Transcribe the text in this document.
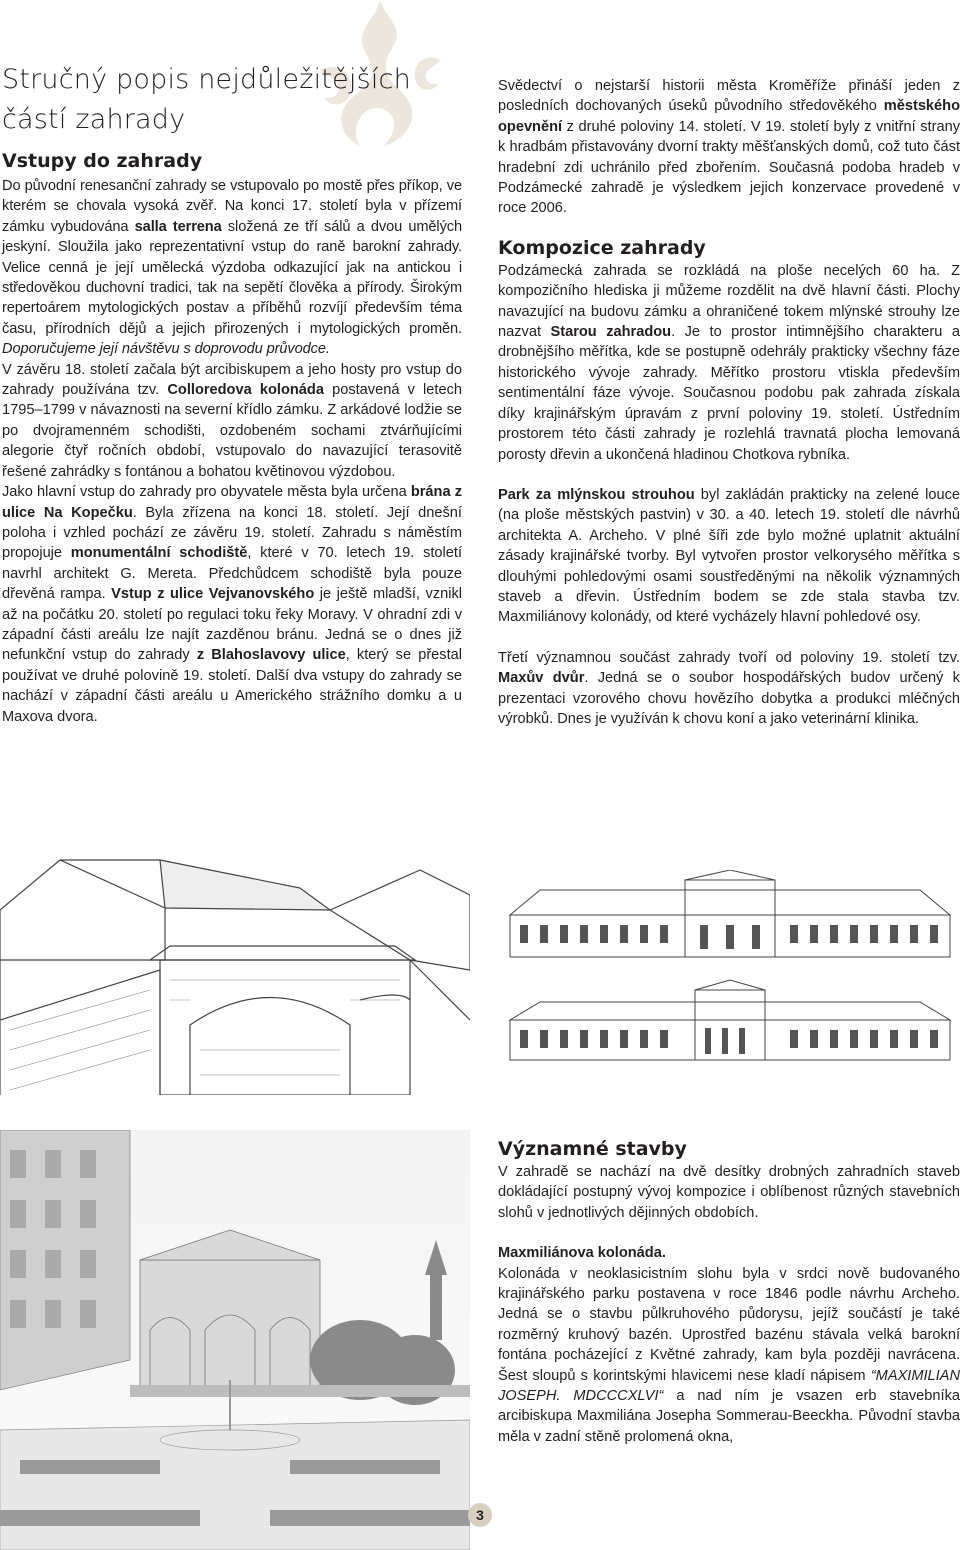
Stručný popis nejdůležitějších částí zahrady
Vstupy do zahrady

Do původní renesanční zahrady se vstupovalo po mostě přes příkop, ve kterém se chovala vysoká zvěř. Na konci 17. století byla v přízemí zámku vybudována salla terrena složená ze tří sálů a dvou umělých jeskyní. Sloužila jako reprezentativní vstup do raně barokní zahrady. Velice cenná je její umělecká výzdoba odkazující jak na antickou i středověkou duchovní tradici, tak na sepětí člověka a přírody. Širokým repertoárem mytologických postav a příběhů rozvíjí především téma času, přírodních dějů a jejich přirozených i mytologických proměn. Doporučujeme její návštěvu s doprovodu průvodce.

V závěru 18. století začala být arcibiskupem a jeho hosty pro vstup do zahrady používána tzv. Colloredova kolonáda postavená v letech 1795–1799 v návaznosti na severní křídlo zámku. Z arkádové lodžie se po dvojramenném schodišti, ozdobeném sochami ztvárňujícími alegorie čtyř ročních období, vstupovalo do navazující terasovitě řešené zahrádky s fontánou a bohatou květinovou výzdobou.

Jako hlavní vstup do zahrady pro obyvatele města byla určena brána z ulice Na Kopečku. Byla zřízena na konci 18. století. Její dnešní poloha i vzhled pochází ze závěru 19. století. Zahradu s náměstím propojuje monumentální schodiště, které v 70. letech 19. století navrhl architekt G. Mereta. Předchůdcem schodiště byla pouze dřevěná rampa. Vstup z ulice Vejvanovského je ještě mladší, vznikl až na počátku 20. století po regulaci toku řeky Moravy. V ohradní zdi v západní části areálu lze najít zazděnou bránu. Jedná se o dnes již nefunkční vstup do zahrady z Blahoslavovy ulice, který se přestal používat ve druhé polovině 19. století. Další dva vstupy do zahrady se nachází v západní části areálu u Amerického strážního domku a u Maxova dvora.

Svědectví o nejstarší historii města Kroměříže přináší jeden z posledních dochovaných úseků původního středověkého městského opevnění z druhé poloviny 14. století. V 19. století byly z vnitřní strany k hradbám přistavovány dvorní trakty měšťanských domů, což tuto část hradební zdi uchránilo před zbořením. Současná podoba hradeb v Podzámecké zahradě je výsledkem jejich konzervace provedené v roce 2006.

Kompozice zahrady

Podzámecká zahrada se rozkládá na ploše necelých 60 ha. Z kompozičního hlediska ji můžeme rozdělit na dvě hlavní části. Plochy navazující na budovu zámku a ohraničené tokem mlýnské strouhy lze nazvat Starou zahradou. Je to prostor intimnějšího charakteru a drobnějšího měřítka, kde se postupně odehrály prakticky všechny fáze historického vývoje zahrady. Měřítko prostoru vtiskla především sentimentální fáze vývoje. Současnou podobu pak zahrada získala díky krajinářským úpravám z první poloviny 19. století. Ústředním prostorem této části zahrady je rozlehlá travnatá plocha lemovaná porosty dřevin a ukončená hladinou Chotkova rybníka.

Park za mlýnskou strouhou byl zakládán prakticky na zelené louce (na ploše městských pastvin) v 30. a 40. letech 19. století dle návrhů architekta A. Archeho. V plné šíři zde bylo možné uplatnit aktuální zásady krajinářské tvorby. Byl vytvořen prostor velkorysého měřítka s dlouhými pohledovými osami soustředěnými na několik významných staveb a dřevin. Ústředním bodem se zde stala stavba tzv. Maxmiliánovy kolonády, od které vycházely hlavní pohledové osy.

Třetí významnou součást zahrady tvoří od poloviny 19. století tzv. Maxův dvůr. Jedná se o soubor hospodářských budov určený k prezentaci vzorového chovu hovězího dobytka a produkci mléčných výrobků. Dnes je využíván k chovu koní a jako veterinární klinika.

Významné stavby

V zahradě se nachází na dvě desítky drobných zahradních staveb dokládající postupný vývoj kompozice i oblíbenost různých stavebních slohů v jednotlivých dějinných obdobích.

Maxmiliánova kolonáda.

Kolonáda v neoklasicistním slohu byla v srdci nově budovaného krajinářského parku postavena v roce 1846 podle návrhu Archeho. Jedná se o stavbu půlkruhového půdorysu, jejíž součástí je také rozměrný kruhový bazén. Uprostřed bazénu stávala velká barokní fontána pocházející z Květné zahrady, kam byla později navrácena. Šest sloupů s korintskými hlavicemi nese kladí nápisem “MAXIMILIAN JOSEPH. MDCCCXLVI“ a nad ním je vsazen erb stavebníka arcibiskupa Maxmiliána Josepha Sommerau-Beeckha. Původní stavba měla v zadní stěně prolomená okna,

3
